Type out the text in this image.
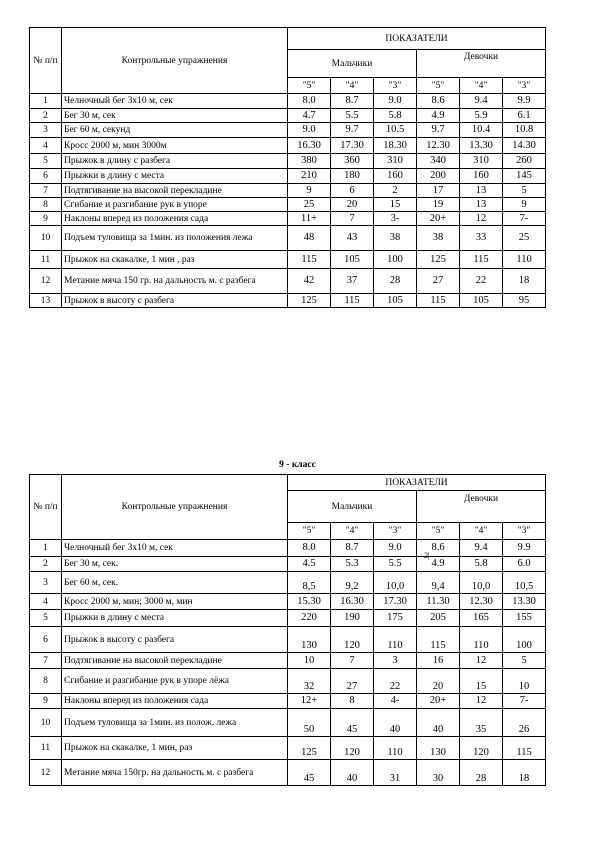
№ п/п	Контрольные упражнения	ПОКАЗАТЕЛИ					
		Мальчики			Девочки		
		"5"	"4"	"3"	"5"	"4"	"3"
1	Челночный бег 3х10 м, сек	8.0	8.7	9.0	8.6	9.4	9.9
2	Бег 30 м, сек	4.7	5.5	5.8	4.9	5.9	6.1
3	Бег 60 м, секунд	9.0	9.7	10.5	9.7	10.4	10.8
4	Кросс 2000 м, мин 3000м	16.30	17.30	18.30	12.30	13.30	14.30
5	Прыжок в длину с разбега	380	360	310	340	310	260
6	Прыжки в длину с места	210	180	160	200	160	145
7	Подтягивание на высокой перекладине	9	6	2	17	13	5
8	Сгибание и разгибание рук в упоре	25	20	15	19	13	9
9	Наклоны вперед из положения сада	11+	7	3-	20+	12	7-
10	Подъем туловища за 1мин. из положения лежа	48	43	38	38	33	25
11	Прыжок на скакалке, 1 мин , раз	115	105	100	125	115	110
12	Метание мяча 150 гр. на дальность м. с разбега	42	37	28	27	22	18
13	Прыжок в высоту с разбега	125	115	105	115	105	95
9 - класс
№ п/п	Контрольные упражнения	ПОКАЗАТЕЛИ					
		Мальчики			Девочки		
		"5"	"4"	"3"	"5"	"4"	"3"
1	Челночный бег 3х10 м, сек	8.0	8.7	9.0	8.6	9.4	9.9
2	Бег 30 м, сек.	4.5	5.3	5.5	4.9	5.8	6.0
3	Бег 60 м, сек.	8,5	9,2	10,0	9,4	10,0	10,5
4	Кросс 2000 м, мин; 3000 м, мин	15.30	16.30	17.30	11.30	12.30	13.30
5	Прыжки в длину с места	220	190	175	205	165	155
6	Прыжок в высоту с разбега	130	120	110	115	110	100
7	Подтягивание на высокой перекладине	10	7	3	16	12	5
8	Сгибание и разгибание рук в упоре лёжа	32	27	22	20	15	10
9	Наклоны вперед из положения сада	12+	8	4-	20+	12	7-
10	Подъем туловища за 1мин. из полож. лежа	50	45	40	40	35	26
11	Прыжок на скакалке, 1 мин, раз	125	120	110	130	120	115
12	Метание мяча 150гр. на дальность м. с разбега	45	40	31	30	28	18
2|
